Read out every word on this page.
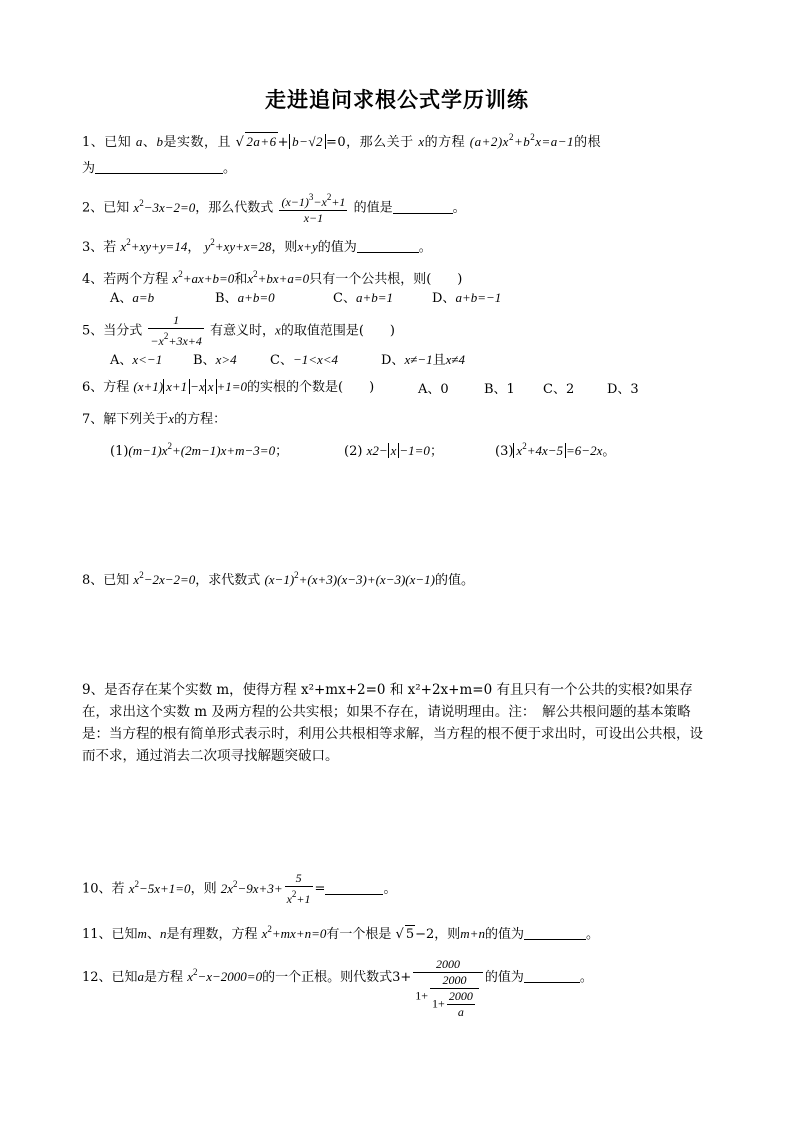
走进追问求根公式学历训练
1、已知 a、b是实数，且 √ 2a+6+ b−√2 =0，那么关于 x的方程 $(a+2)x^2+b^2x=a-1$的根
为	。
2、已知 $x^2-3x-2=0$，那么代数式 $\frac{(x-1)^3-x^2+1}{x-1}$ 的值是	。
3、若 $x^2+xy+y=14$， $y^2+xy+x=28$，则x+y的值为	。
4、若两个方程 $x^2+ax+b=0$和$x^2+bx+a=0$只有一个公共根，则(　　)
A、a=b	B、a+b=0	C、a+b=1	D、a+b=−1
5、当分式 $\frac{1}{-x^2+3x+4}$ 有意义时，x的取值范围是(　　)
A、x<−1 B、x>4	C、−1<x<4	D、x≠−1且x≠4
6、方程 (x+1) x+1 −x x +1=0的实根的个数是(　　)	A、0	B、1 C、2	D、3
7、解下列关于x的方程：
$(1)(m-1)x^2+(2m-1)x+m-3=0$；	(2) x2− x −1=0；	(3) $x^2+4x-5 =6-2x$。
8、已知 $x^2-2x-2=0$，求代数式 $(x-1)^2+(x+3)(x-3)+(x-3)(x-1)$的值。
9、是否存在某个实数 m，使得方程 x²+mx+2=0 和 x²+2x+m=0 有且只有一个公共的实根?如果存在，求出这个实数 m 及两方程的公共实根；如果不存在，请说明理由。注：　解公共根问题的基本策略是：当方程的根有简单形式表示时，利用公共根相等求解，当方程的根不便于求出时，可设出公共根，设而不求，通过消去二次项寻找解题突破口。
10、若 $x^2-5x+1=0$，则 $2x^2-9x+3+ \frac{5}{x^2+1}$ =	。
11、已知m、n是有理数，方程 $x^2+mx+n=0$有一个根是 √ 5−2，则m+n的值为	。
12、已知a是方程 $x^2-x-2000=0$的一个正根。则代数式$3+ \frac{2000}{1+ \frac{2000}{1+ \frac{2000}{a}}}$ 的值为	。
